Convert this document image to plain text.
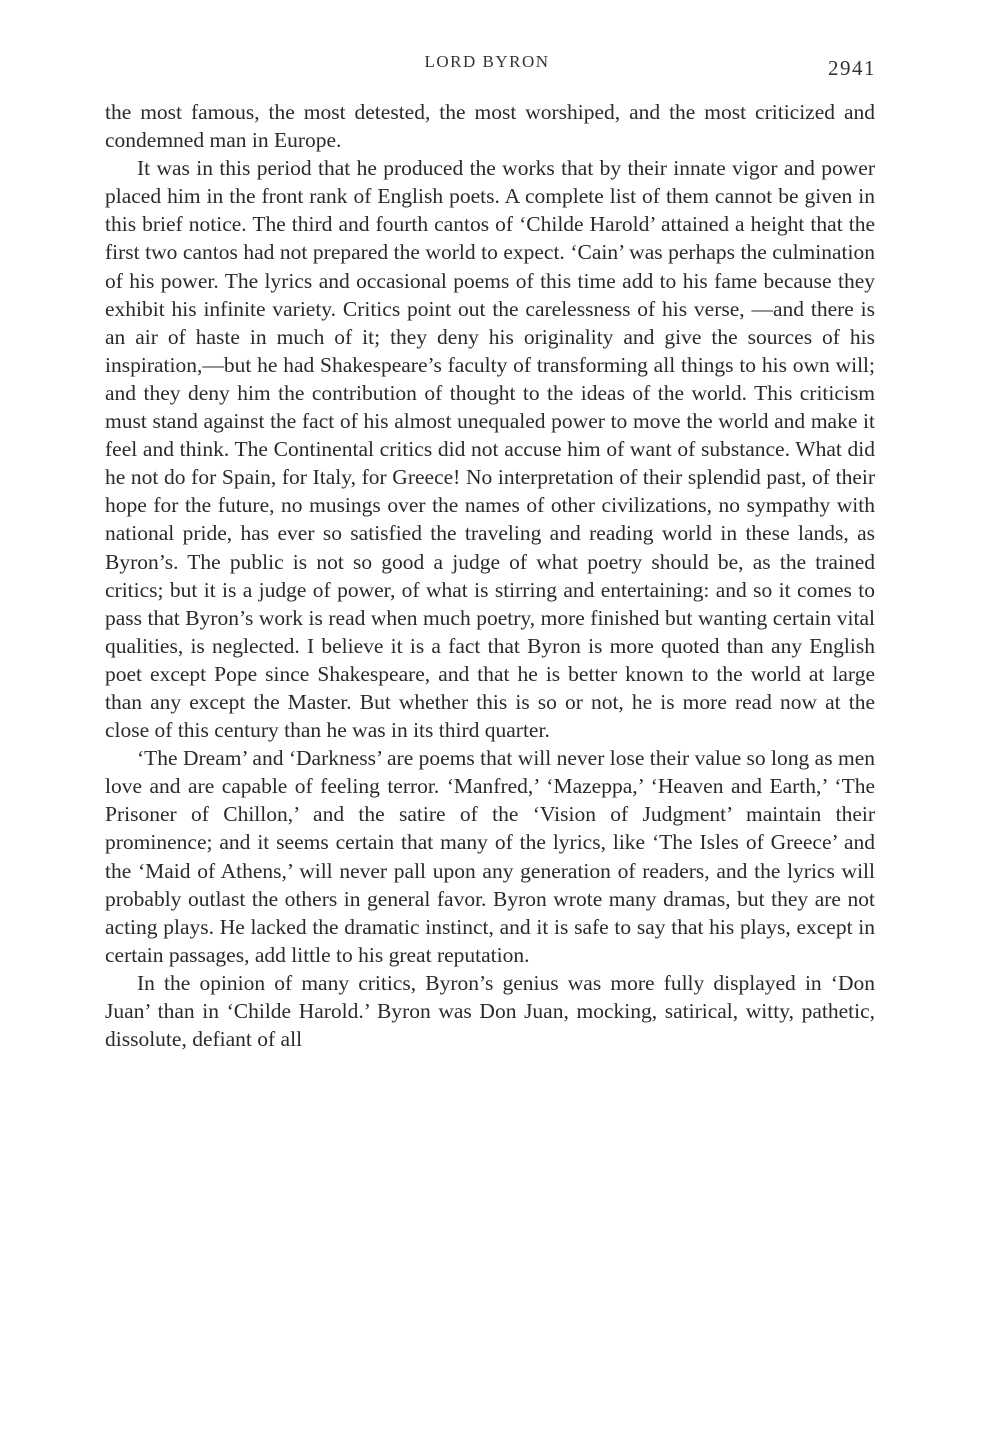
LORD BYRON	2941

the most famous, the most detested, the most worshiped, and the most criticized and condemned man in Europe.

It was in this period that he produced the works that by their innate vigor and power placed him in the front rank of English poets. A complete list of them cannot be given in this brief notice. The third and fourth cantos of ‘Childe Harold’ attained a height that the first two cantos had not prepared the world to expect. ‘Cain’ was perhaps the culmination of his power. The lyrics and occasional poems of this time add to his fame because they exhibit his infinite variety. Critics point out the carelessness of his verse, —and there is an air of haste in much of it; they deny his originality and give the sources of his inspiration,—but he had Shakespeare’s faculty of transforming all things to his own will; and they deny him the contribution of thought to the ideas of the world. This criticism must stand against the fact of his almost unequaled power to move the world and make it feel and think. The Continental critics did not accuse him of want of substance. What did he not do for Spain, for Italy, for Greece! No interpretation of their splendid past, of their hope for the future, no musings over the names of other civilizations, no sympathy with national pride, has ever so satisfied the traveling and reading world in these lands, as Byron’s. The public is not so good a judge of what poetry should be, as the trained critics; but it is a judge of power, of what is stirring and entertaining: and so it comes to pass that Byron’s work is read when much poetry, more finished but wanting certain vital qualities, is neglected. I believe it is a fact that Byron is more quoted than any English poet except Pope since Shakespeare, and that he is better known to the world at large than any except the Master. But whether this is so or not, he is more read now at the close of this century than he was in its third quarter.

‘The Dream’ and ‘Darkness’ are poems that will never lose their value so long as men love and are capable of feeling terror. ‘Manfred,’ ‘Mazeppa,’ ‘Heaven and Earth,’ ‘The Prisoner of Chillon,’ and the satire of the ‘Vision of Judgment’ maintain their prominence; and it seems certain that many of the lyrics, like ‘The Isles of Greece’ and the ‘Maid of Athens,’ will never pall upon any generation of readers, and the lyrics will probably outlast the others in general favor. Byron wrote many dramas, but they are not acting plays. He lacked the dramatic instinct, and it is safe to say that his plays, except in certain passages, add little to his great reputation.

In the opinion of many critics, Byron’s genius was more fully displayed in ‘Don Juan’ than in ‘Childe Harold.’ Byron was Don Juan, mocking, satirical, witty, pathetic, dissolute, defiant of all
